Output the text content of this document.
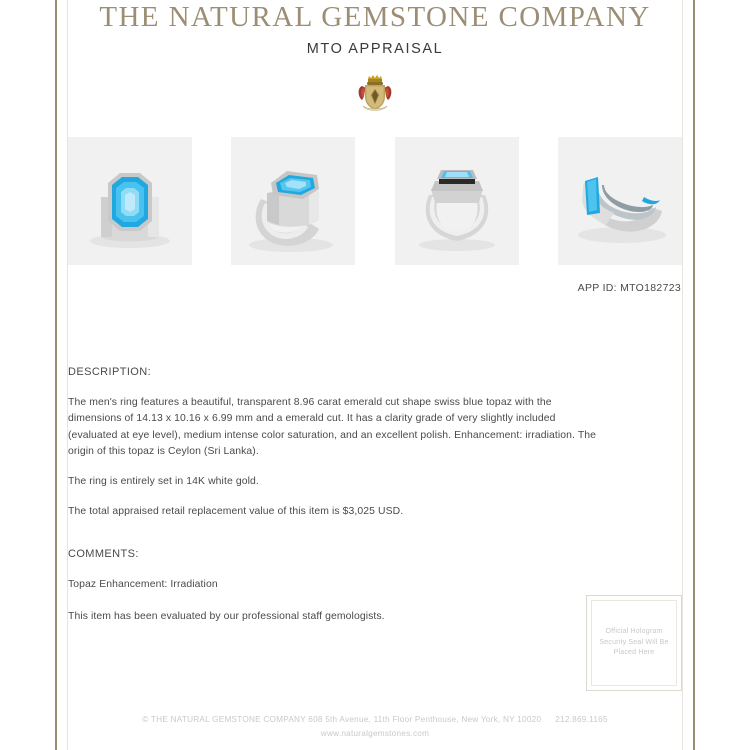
THE NATURAL GEMSTONE COMPANY
MTO APPRAISAL
APP ID: MTO182723
DESCRIPTION:

The men's ring features a beautiful, transparent 8.96 carat emerald cut shape swiss blue topaz with the dimensions of 14.13 x 10.16 x 6.99 mm and a emerald cut. It has a clarity grade of very slightly included (evaluated at eye level), medium intense color saturation, and an excellent polish. Enhancement: irradiation. The origin of this topaz is Ceylon (Sri Lanka).

The ring is entirely set in 14K white gold.

The total appraised retail replacement value of this item is $3,025 USD.

COMMENTS:

Topaz Enhancement: Irradiation

This item has been evaluated by our professional staff gemologists.

Official Hologram Security Seal Will Be Placed Here
© THE NATURAL GEMSTONE COMPANY 608 5th Avenue, 11th Floor Penthouse, New York, NY 10020 212.869.1165
www.naturalgemstones.com
